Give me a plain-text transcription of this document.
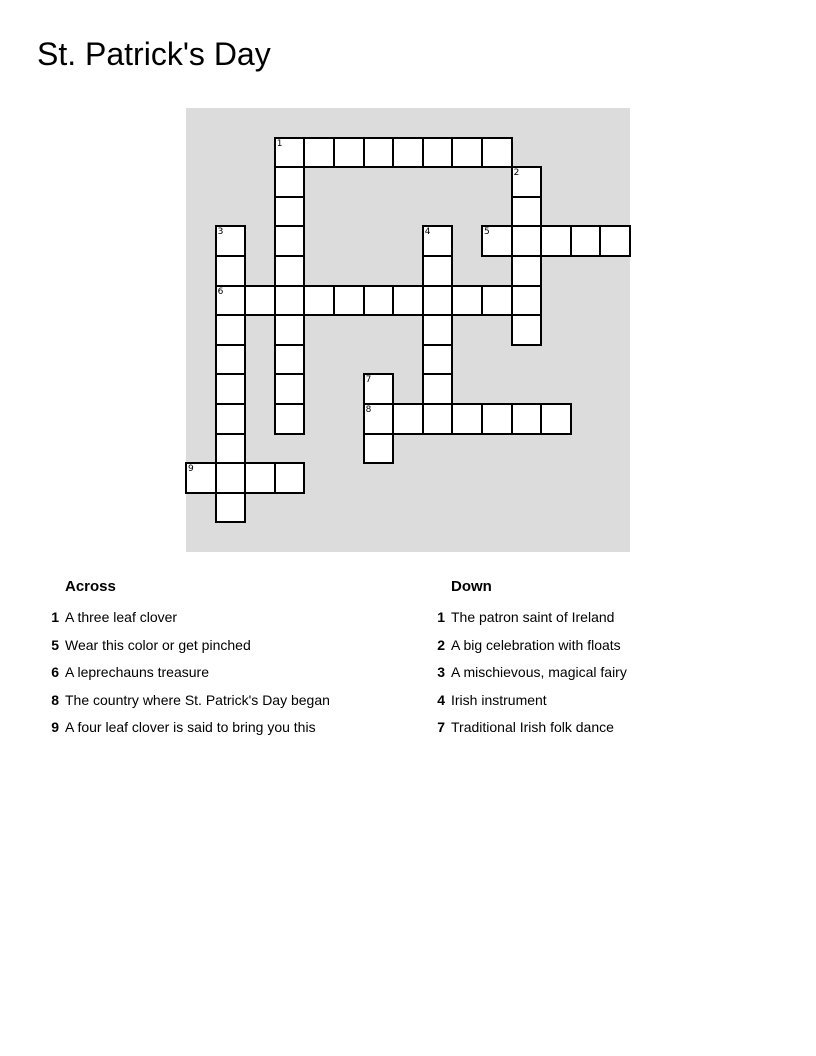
St. Patrick's Day
1
2
3	4	5
6
7
8
9
Across
1 A three leaf clover
5 Wear this color or get pinched
6 A leprechauns treasure
8 The country where St. Patrick's Day began
9 A four leaf clover is said to bring you this
Down
1 The patron saint of Ireland
2 A big celebration with floats
3 A mischievous, magical fairy
4 Irish instrument
7 Traditional Irish folk dance
